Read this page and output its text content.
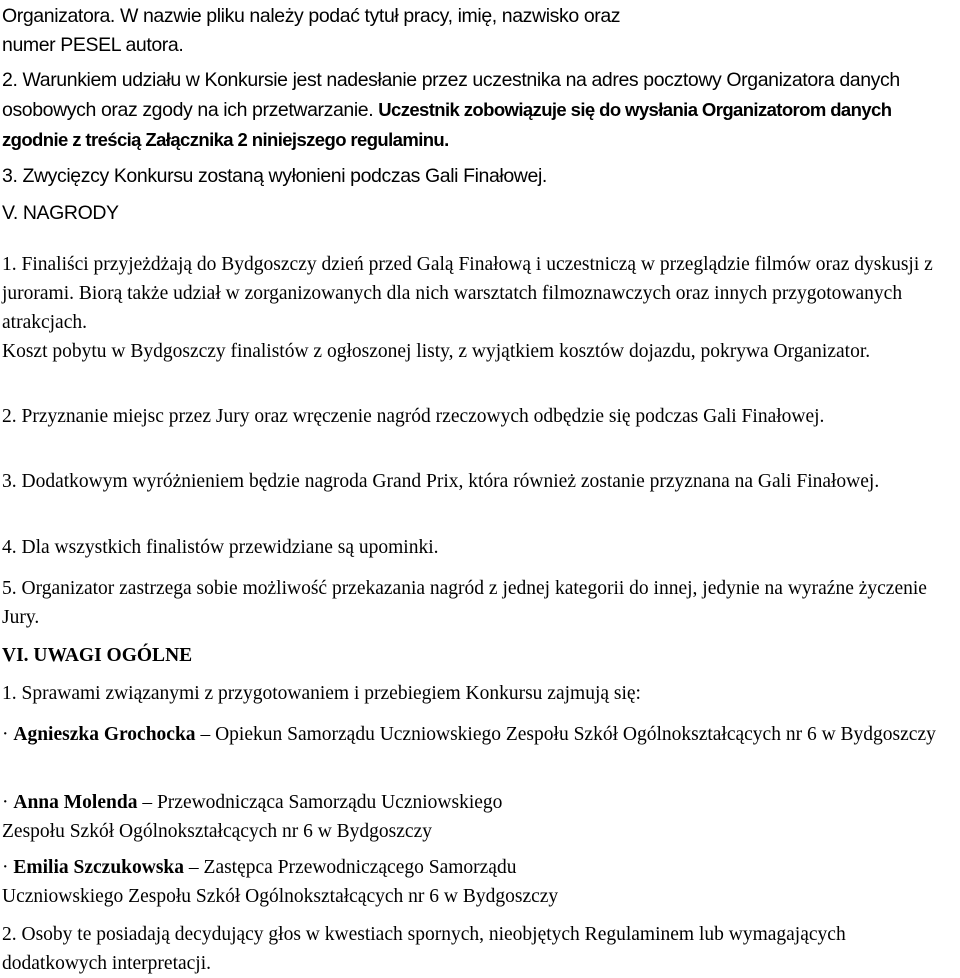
Organizatora. W nazwie pliku należy podać tytuł pracy, imię, nazwisko oraz
numer PESEL autora.
2. Warunkiem udziału w Konkursie jest nadesłanie przez uczestnika na adres pocztowy Organizatora danych osobowych oraz zgody na ich przetwarzanie. Uczestnik zobowiązuje się do wysłania Organizatorom danych zgodnie z treścią Załącznika 2 niniejszego regulaminu.
3. Zwycięzcy Konkursu zostaną wyłonieni podczas Gali Finałowej.
V. NAGRODY
1. Finaliści przyjeżdżają do Bydgoszczy dzień przed Galą Finałową i uczestniczą w przeglądzie filmów oraz dyskusji z jurorami. Biorą także udział w zorganizowanych dla nich warsztatch filmoznawczych oraz innych przygotowanych atrakcjach.
Koszt pobytu w Bydgoszczy finalistów z ogłoszonej listy, z wyjątkiem kosztów dojazdu, pokrywa Organizator.
2. Przyznanie miejsc przez Jury oraz wręczenie nagród rzeczowych odbędzie się podczas Gali Finałowej.
3. Dodatkowym wyróżnieniem będzie nagroda Grand Prix, która również zostanie przyznana na Gali Finałowej.
4. Dla wszystkich finalistów przewidziane są upominki.
5. Organizator zastrzega sobie możliwość przekazania nagród z jednej kategorii do innej, jedynie na wyraźne życzenie Jury.
VI. UWAGI OGÓLNE
1. Sprawami związanymi z przygotowaniem i przebiegiem Konkursu zajmują się:
· Agnieszka Grochocka – Opiekun Samorządu Uczniowskiego Zespołu Szkół Ogólnokształcących nr 6 w Bydgoszczy
· Anna Molenda – Przewodnicząca Samorządu Uczniowskiego
Zespołu Szkół Ogólnokształcących nr 6 w Bydgoszczy
· Emilia Szczukowska – Zastępca Przewodniczącego Samorządu
Uczniowskiego Zespołu Szkół Ogólnokształcących nr 6 w Bydgoszczy
2. Osoby te posiadają decydujący głos w kwestiach spornych, nieobjętych Regulaminem lub wymagających dodatkowych interpretacji.
